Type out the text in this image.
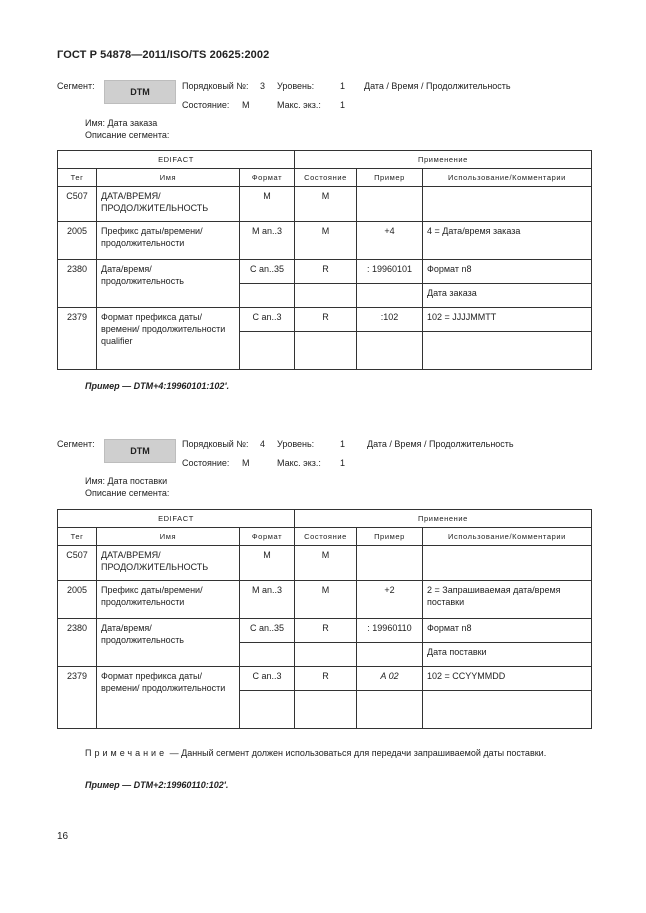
ГОСТ Р 54878—2011/ISO/TS 20625:2002
Сегмент:
DTM
Порядковый №: 3 Уровень:	1 Дата / Время / Продолжительность
Состояние: М	Макс. экз.: 1
Имя: Дата заказа
Описание сегмента:
EDIFACT			Применение		
Тег	Имя	Формат	Состояние	Пример	Использование/Комментарии
C507	ДАТА/ВРЕМЯ/ ПРОДОЛЖИТЕЛЬНОСТЬ	M	M		
2005	Префикс даты/времени/ продолжительности	M an..3	M	+4	4 = Дата/время заказа
2380	Дата/время/ продолжительность	С an..35	R	: 19960101	Формат n8
					Дата заказа
2379	Формат префикса даты/времени/ продолжительности qualifier	С an..3	R	:102	102 = JJJJMMTT

Пример — DTM+4:19960101:102'.
Сегмент:
DTM
Порядковый №: 4 Уровень:	1 Дата / Время / Продолжительность
Состояние: М	Макс. экз.: 1
Имя: Дата поставки
Описание сегмента:
EDIFACT			Применение		
Тег	Имя	Формат	Состояние	Пример	Использование/Комментарии
C507	ДАТА/ВРЕМЯ/ ПРОДОЛЖИТЕЛЬНОСТЬ	M	M		
2005	Префикс даты/времени/ продолжительности	M an..3	M	+2	2 = Запрашиваемая дата/время поставки
2380	Дата/время/ продолжительность	С an..35	R	: 19960110	Формат n8
					Дата поставки
2379	Формат префикса даты/времени/ продолжительности	С an..3	R	A 02	102 = CCYYMMDD

Примечание — Данный сегмент должен использоваться для передачи запрашиваемой даты поставки.
Пример — DTM+2:19960110:102'.
16
